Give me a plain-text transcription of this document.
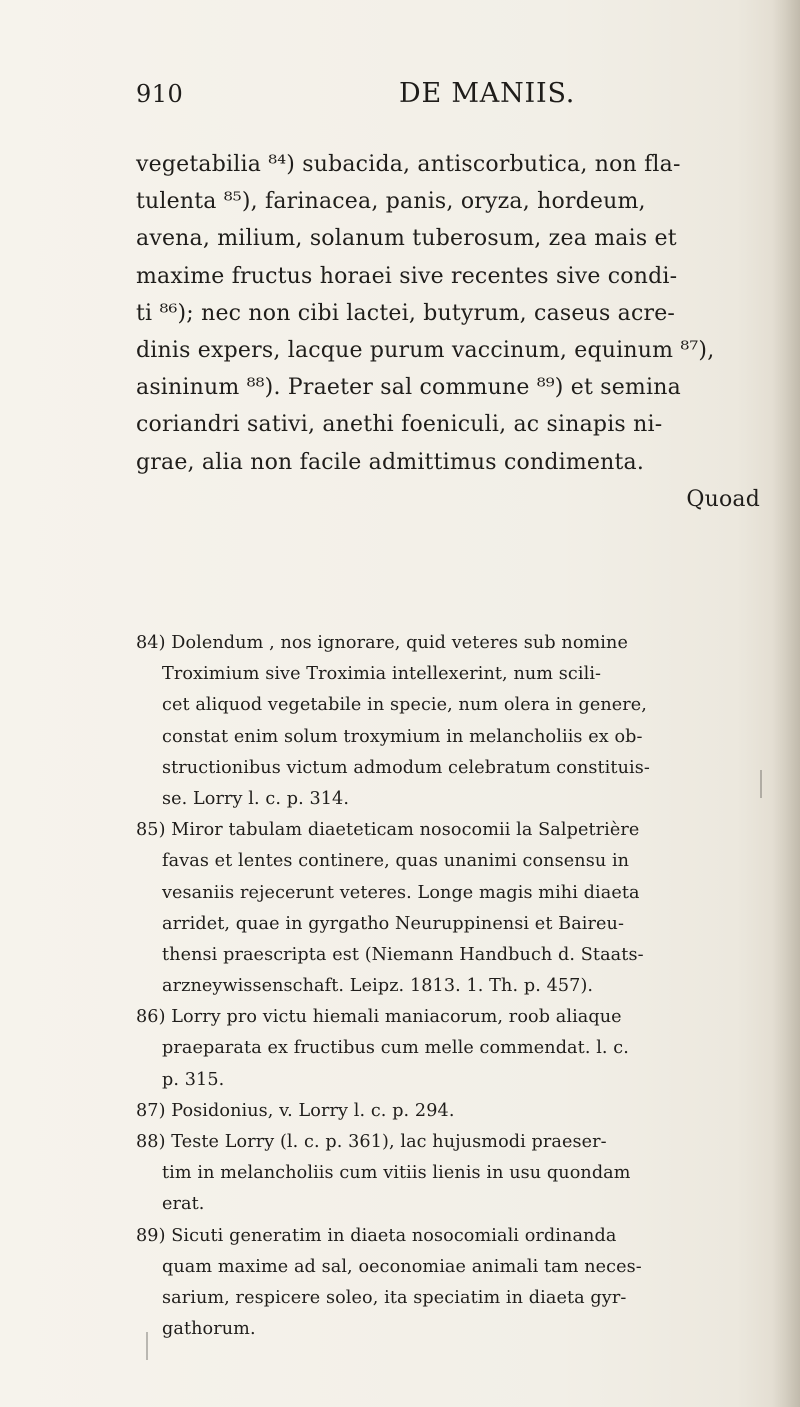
910	DE MANIIS.
vegetabilia ⁸⁴) subacida, antiscorbutica, non fla-
tulenta ⁸⁵), farinacea, panis, oryza, hordeum,
avena, milium, solanum tuberosum, zea mais et
maxime fructus horaei sive recentes sive condi-
ti ⁸⁶); nec non cibi lactei, butyrum, caseus acre-
dinis expers, lacque purum vaccinum, equinum ⁸⁷),
asininum ⁸⁸). Praeter sal commune ⁸⁹) et semina
coriandri sativi, anethi foeniculi, ac sinapis ni-
grae, alia non facile admittimus condimenta.
Quoad
84) Dolendum , nos ignorare, quid veteres sub nomine
Troximium sive Troximia intellexerint, num scili-
cet aliquod vegetabile in specie, num olera in genere,
constat enim solum troxymium in melancholiis ex ob-
structionibus victum admodum celebratum constituis-
se. Lorry l. c. p. 314.
85) Miror tabulam diaeteticam nosocomii la Salpetrière
favas et lentes continere, quas unanimi consensu in
vesaniis rejecerunt veteres. Longe magis mihi diaeta
arridet, quae in gyrgatho Neuruppinensi et Baireu-
thensi praescripta est (Niemann Handbuch d. Staats-
arzneywissenschaft. Leipz. 1813. 1. Th. p. 457).
86) Lorry pro victu hiemali maniacorum, roob aliaque
praeparata ex fructibus cum melle commendat. l. c.
p. 315.
87) Posidonius, v. Lorry l. c. p. 294.
88) Teste Lorry (l. c. p. 361), lac hujusmodi praeser-
tim in melancholiis cum vitiis lienis in usu quondam
erat.
89) Sicuti generatim in diaeta nosocomiali ordinanda
quam maxime ad sal, oeconomiae animali tam neces-
sarium, respicere soleo, ita speciatim in diaeta gyr-
gathorum.
